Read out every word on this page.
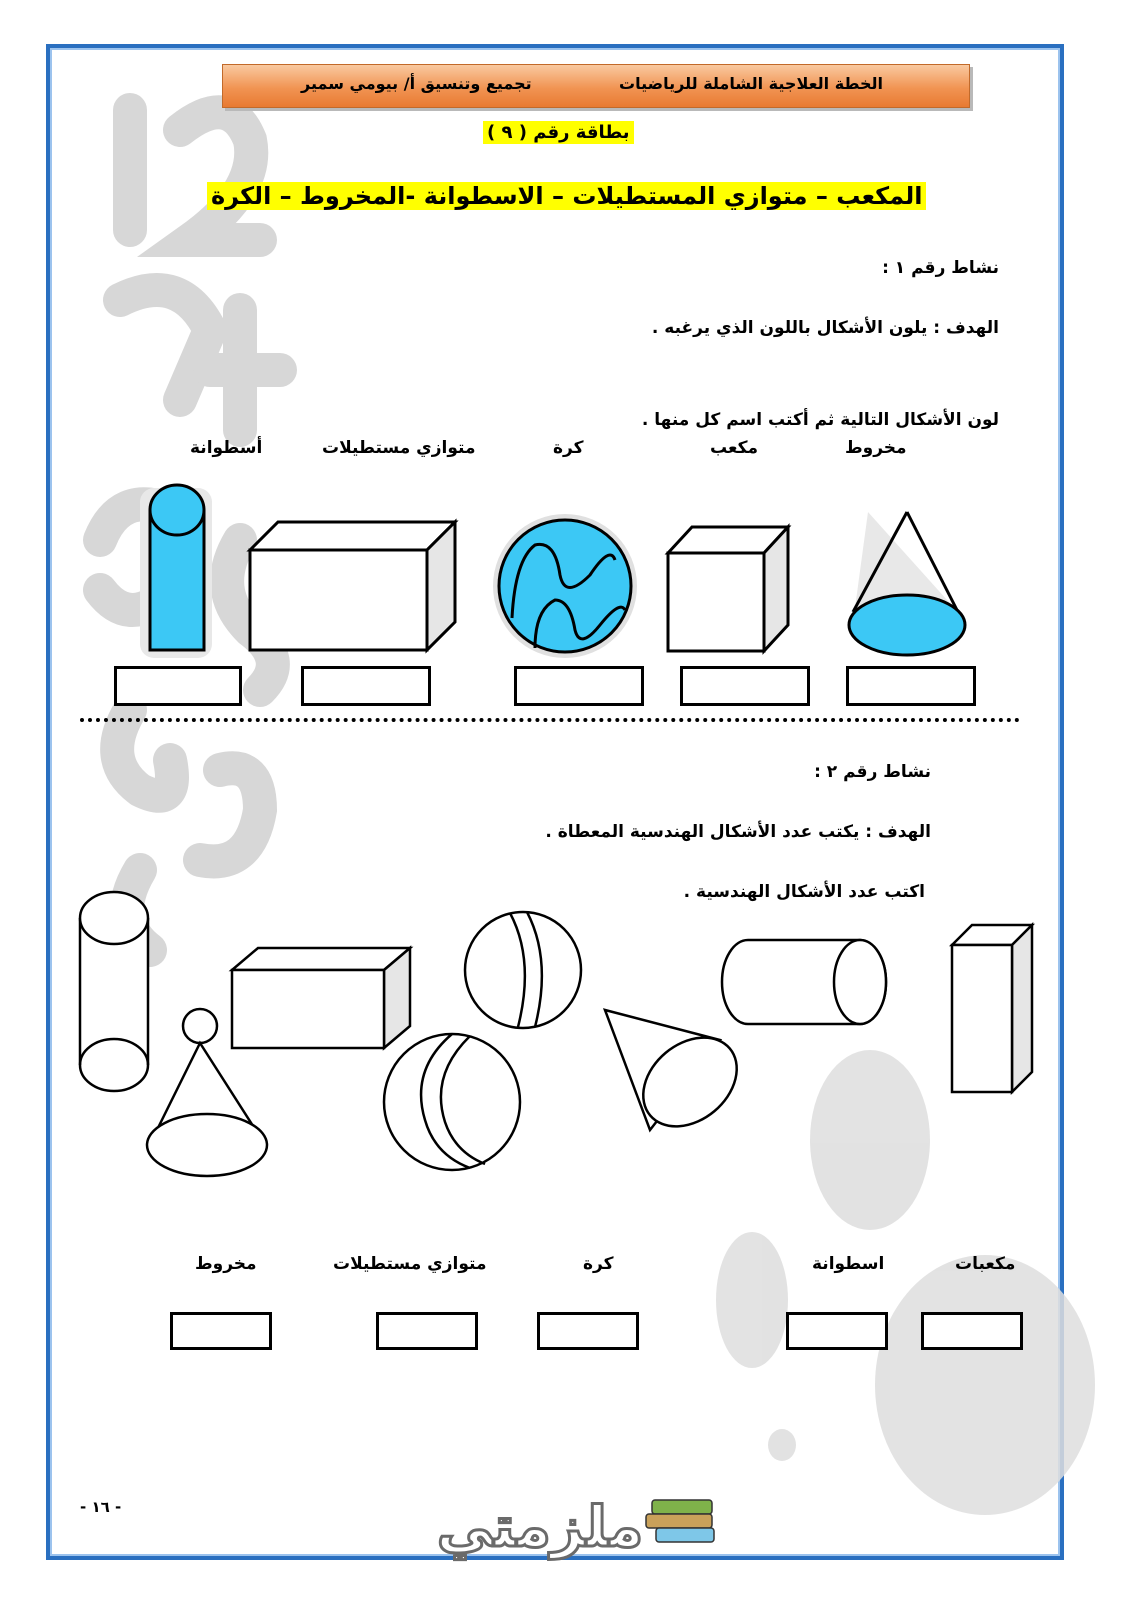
الخطة العلاجية الشاملة للرياضيات
تجميع وتنسيق أ/ بيومي سمير
بطاقة رقم ( ٩ )
المكعب – متوازي المستطيلات – الاسطوانة -المخروط – الكرة
نشاط رقم ١ :
الهدف : يلون الأشكال باللون الذي يرغبه .
لون الأشكال التالية ثم أكتب اسم كل منها .
مخروط
مكعب
كرة
متوازي مستطيلات
أسطوانة
نشاط رقم ٢ :
الهدف : يكتب عدد الأشكال الهندسية المعطاة .
اكتب عدد الأشكال الهندسية .
مكعبات
اسطوانة
كرة
متوازي مستطيلات
مخروط
- ١٦ -	ملزمتي
